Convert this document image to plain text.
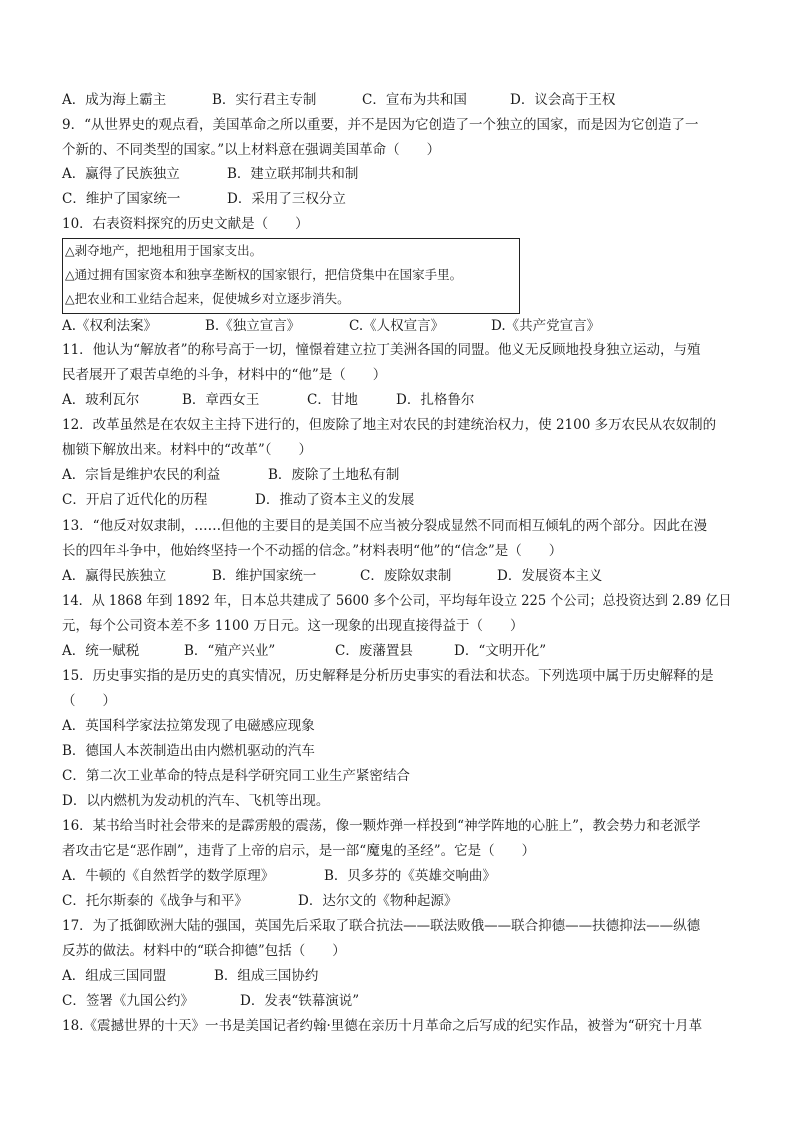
A．成为海上霸主	B．实行君主专制	C．宣布为共和国	D．议会高于王权
9．“从世界史的观点看，美国革命之所以重要，并不是因为它创造了一个独立的国家，而是因为它创造了一
个新的、不同类型的国家。”以上材料意在强调美国革命（　　）
A．赢得了民族独立	B．建立联邦制共和制
C．维护了国家统一	D．采用了三权分立
10．右表资料探究的历史文献是（　　）
△剥夺地产，把地租用于国家支出。
△通过拥有国家资本和独享垄断权的国家银行，把信贷集中在国家手里。
△把农业和工业结合起来，促使城乡对立逐步消失。
A.《权利法案》	B.《独立宣言》	C.《人权宣言》	D.《共产党宣言》
11．他认为“解放者”的称号高于一切，憧憬着建立拉丁美洲各国的同盟。他义无反顾地投身独立运动，与殖
民者展开了艰苦卓绝的斗争，材料中的“他”是（　　）
A．玻利瓦尔	B．章西女王	C．甘地	D．扎格鲁尔
12．改革虽然是在农奴主主持下进行的，但废除了地主对农民的封建统治权力，使 2100 多万农民从农奴制的
枷锁下解放出来。材料中的“改革”（　　）
A．宗旨是维护农民的利益	B．废除了土地私有制
C．开启了近代化的历程	D．推动了资本主义的发展
13．“他反对奴隶制，……但他的主要目的是美国不应当被分裂成显然不同而相互倾轧的两个部分。因此在漫
长的四年斗争中，他始终坚持一个不动摇的信念。”材料表明“他”的“信念”是（　　）
A．赢得民族独立	B．维护国家统一	C．废除奴隶制	D．发展资本主义
14．从 1868 年到 1892 年，日本总共建成了 5600 多个公司，平均每年设立 225 个公司；总投资达到 2.89 亿日
元，每个公司资本差不多 1100 万日元。这一现象的出现直接得益于（　　）
A．统一赋税	B．“殖产兴业”	C．废藩置县	D．“文明开化”
15．历史事实指的是历史的真实情况，历史解释是分析历史事实的看法和状态。下列选项中属于历史解释的是
（　　）
A．英国科学家法拉第发现了电磁感应现象
B．德国人本茨制造出由内燃机驱动的汽车
C．第二次工业革命的特点是科学研究同工业生产紧密结合
D．以内燃机为发动机的汽车、飞机等出现。
16．某书给当时社会带来的是霹雳般的震荡，像一颗炸弹一样投到“神学阵地的心脏上”，教会势力和老派学
者攻击它是“恶作剧”，违背了上帝的启示，是一部“魔鬼的圣经”。它是（　　）
A．牛顿的《自然哲学的数学原理》	B．贝多芬的《英雄交响曲》
C．托尔斯泰的《战争与和平》	D．达尔文的《物种起源》
17．为了抵御欧洲大陆的强国，英国先后采取了联合抗法——联法败俄——联合抑德——扶德抑法——纵德
反苏的做法。材料中的“联合抑德”包括（　　）
A．组成三国同盟	B．组成三国协约
C．签署《九国公约》	D．发表“铁幕演说”
18.《震撼世界的十天》一书是美国记者约翰·里德在亲历十月革命之后写成的纪实作品，被誉为“研究十月革
